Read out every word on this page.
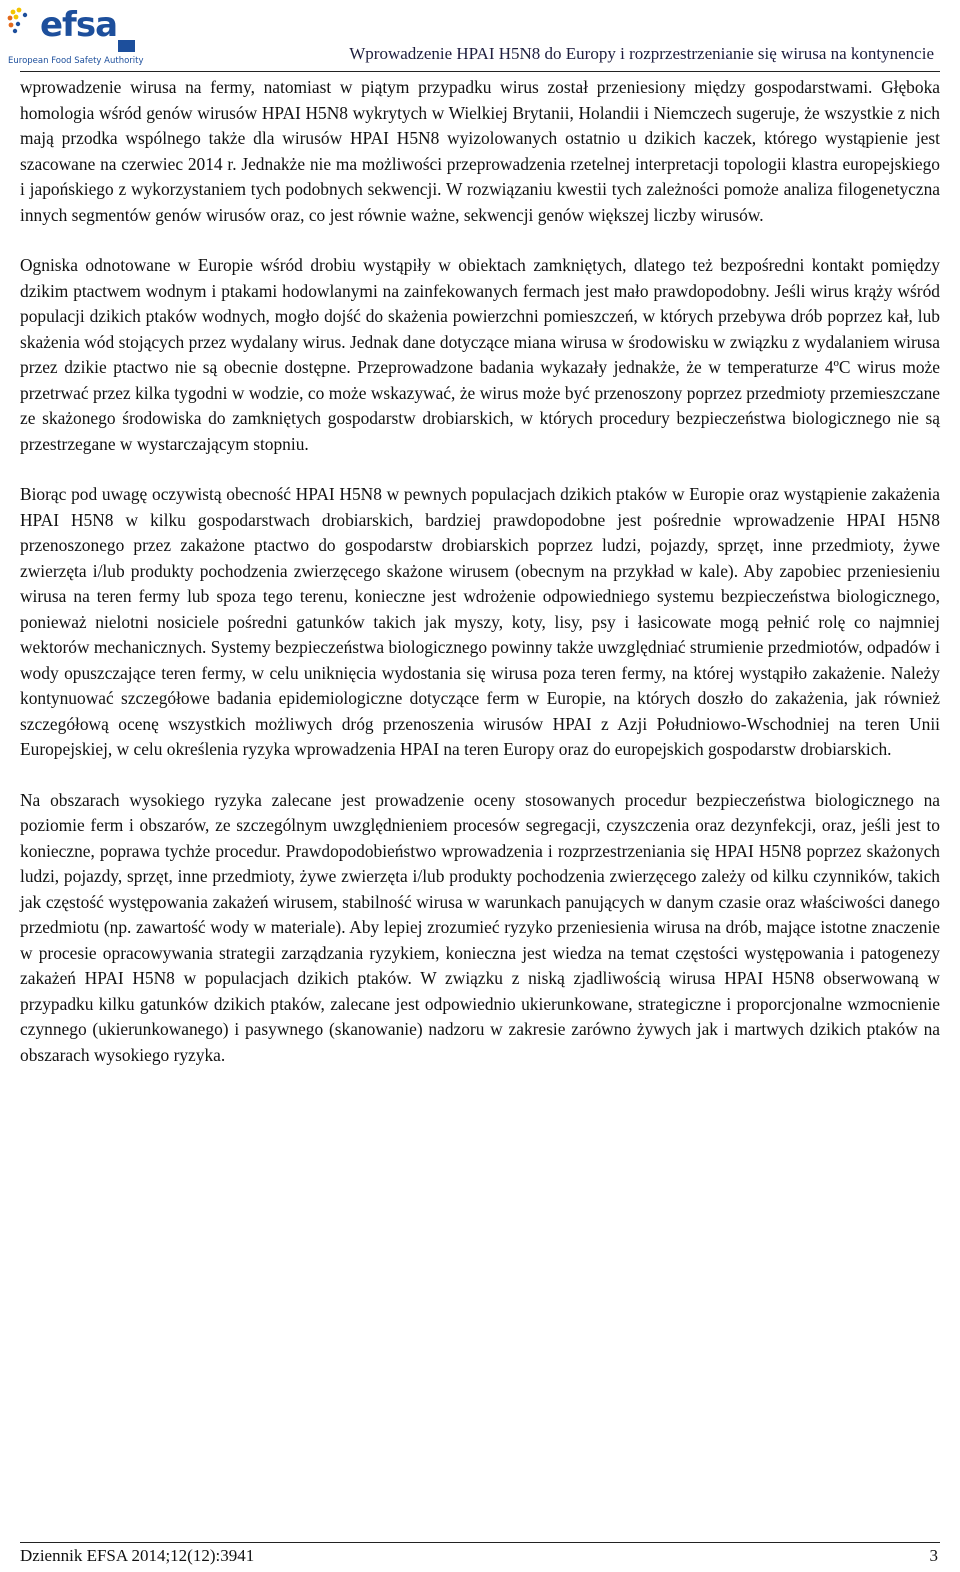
efsa
European Food Safety Authority	Wprowadzenie HPAI H5N8 do Europy i rozprzestrzenianie się wirusa na kontynencie

wprowadzenie wirusa na fermy, natomiast w piątym przypadku wirus został przeniesiony między gospodarstwami. Głęboka homologia wśród genów wirusów HPAI H5N8 wykrytych w Wielkiej Brytanii, Holandii i Niemczech sugeruje, że wszystkie z nich mają przodka wspólnego także dla wirusów HPAI H5N8 wyizolowanych ostatnio u dzikich kaczek, którego wystąpienie jest szacowane na czerwiec 2014 r. Jednakże nie ma możliwości przeprowadzenia rzetelnej interpretacji topologii klastra europejskiego i japońskiego z wykorzystaniem tych podobnych sekwencji. W rozwiązaniu kwestii tych zależności pomoże analiza filogenetyczna innych segmentów genów wirusów oraz, co jest równie ważne, sekwencji genów większej liczby wirusów.

Ogniska odnotowane w Europie wśród drobiu wystąpiły w obiektach zamkniętych, dlatego też bezpośredni kontakt pomiędzy dzikim ptactwem wodnym i ptakami hodowlanymi na zainfekowanych fermach jest mało prawdopodobny. Jeśli wirus krąży wśród populacji dzikich ptaków wodnych, mogło dojść do skażenia powierzchni pomieszczeń, w których przebywa drób poprzez kał, lub skażenia wód stojących przez wydalany wirus. Jednak dane dotyczące miana wirusa w środowisku w związku z wydalaniem wirusa przez dzikie ptactwo nie są obecnie dostępne. Przeprowadzone badania wykazały jednakże, że w temperaturze 4ºC wirus może przetrwać przez kilka tygodni w wodzie, co może wskazywać, że wirus może być przenoszony poprzez przedmioty przemieszczane ze skażonego środowiska do zamkniętych gospodarstw drobiarskich, w których procedury bezpieczeństwa biologicznego nie są przestrzegane w wystarczającym stopniu.

Biorąc pod uwagę oczywistą obecność HPAI H5N8 w pewnych populacjach dzikich ptaków w Europie oraz wystąpienie zakażenia HPAI H5N8 w kilku gospodarstwach drobiarskich, bardziej prawdopodobne jest pośrednie wprowadzenie HPAI H5N8 przenoszonego przez zakażone ptactwo do gospodarstw drobiarskich poprzez ludzi, pojazdy, sprzęt, inne przedmioty, żywe zwierzęta i/lub produkty pochodzenia zwierzęcego skażone wirusem (obecnym na przykład w kale). Aby zapobiec przeniesieniu wirusa na teren fermy lub spoza tego terenu, konieczne jest wdrożenie odpowiedniego systemu bezpieczeństwa biologicznego, ponieważ nielotni nosiciele pośredni gatunków takich jak myszy, koty, lisy, psy i łasicowate mogą pełnić rolę co najmniej wektorów mechanicznych. Systemy bezpieczeństwa biologicznego powinny także uwzględniać strumienie przedmiotów, odpadów i wody opuszczające teren fermy, w celu uniknięcia wydostania się wirusa poza teren fermy, na której wystąpiło zakażenie. Należy kontynuować szczegółowe badania epidemiologiczne dotyczące ferm w Europie, na których doszło do zakażenia, jak również szczegółową ocenę wszystkich możliwych dróg przenoszenia wirusów HPAI z Azji Południowo-Wschodniej na teren Unii Europejskiej, w celu określenia ryzyka wprowadzenia HPAI na teren Europy oraz do europejskich gospodarstw drobiarskich.

Na obszarach wysokiego ryzyka zalecane jest prowadzenie oceny stosowanych procedur bezpieczeństwa biologicznego na poziomie ferm i obszarów, ze szczególnym uwzględnieniem procesów segregacji, czyszczenia oraz dezynfekcji, oraz, jeśli jest to konieczne, poprawa tychże procedur. Prawdopodobieństwo wprowadzenia i rozprzestrzeniania się HPAI H5N8 poprzez skażonych ludzi, pojazdy, sprzęt, inne przedmioty, żywe zwierzęta i/lub produkty pochodzenia zwierzęcego zależy od kilku czynników, takich jak częstość występowania zakażeń wirusem, stabilność wirusa w warunkach panujących w danym czasie oraz właściwości danego przedmiotu (np. zawartość wody w materiale). Aby lepiej zrozumieć ryzyko przeniesienia wirusa na drób, mające istotne znaczenie w procesie opracowywania strategii zarządzania ryzykiem, konieczna jest wiedza na temat częstości występowania i patogenezy zakażeń HPAI H5N8 w populacjach dzikich ptaków. W związku z niską zjadliwością wirusa HPAI H5N8 obserwowaną w przypadku kilku gatunków dzikich ptaków, zalecane jest odpowiednio ukierunkowane, strategiczne i proporcjonalne wzmocnienie czynnego (ukierunkowanego) i pasywnego (skanowanie) nadzoru w zakresie zarówno żywych jak i martwych dzikich ptaków na obszarach wysokiego ryzyka.

Dziennik EFSA 2014;12(12):3941	3
